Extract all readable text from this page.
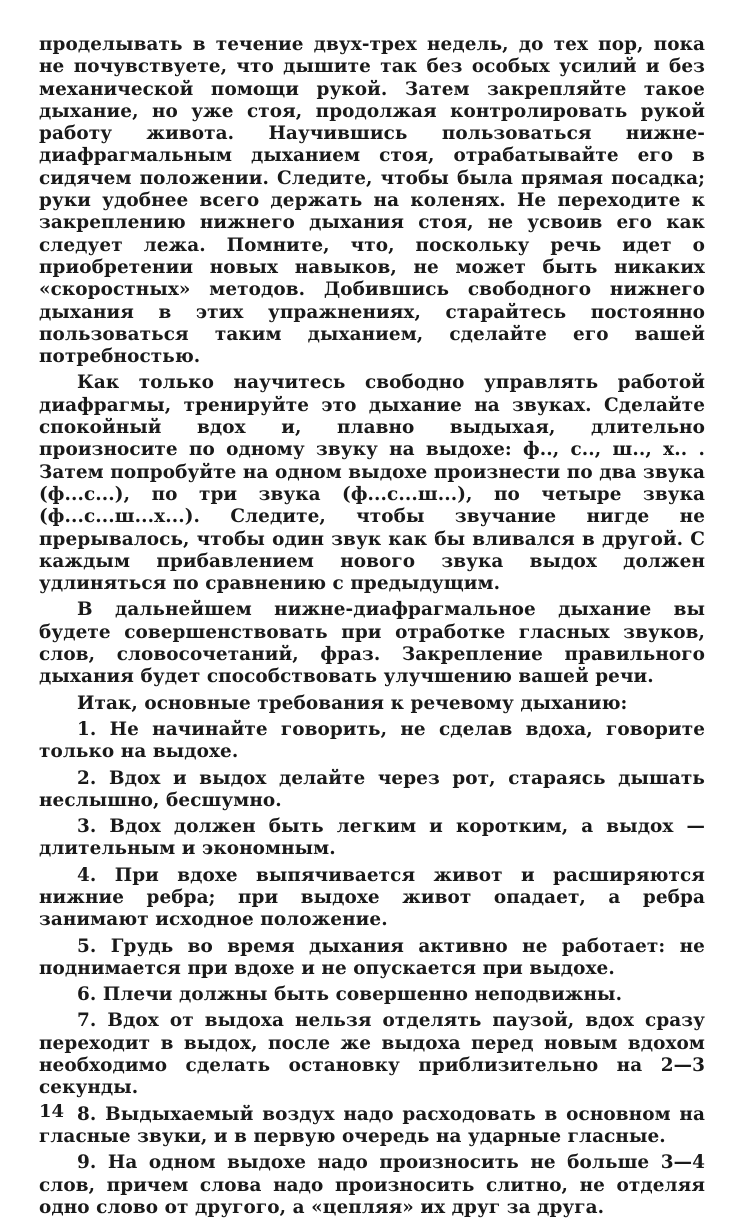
проделывать в течение двух-трех недель, до тех пор, пока не почувствуете, что дышите так без особых усилий и без механической помощи рукой. Затем закрепляйте такое дыхание, но уже стоя, продолжая контролировать рукой работу живота. Научившись пользоваться нижне-диафрагмальным дыханием стоя, отрабатывайте его в сидячем положении. Следите, чтобы была прямая посадка; руки удобнее всего держать на коленях. Не переходите к закреплению нижнего дыхания стоя, не усвоив его как следует лежа. Помните, что, поскольку речь идет о приобретении новых навыков, не может быть никаких «скоростных» методов. Добившись свободного нижнего дыхания в этих упражнениях, старайтесь постоянно пользоваться таким дыханием, сделайте его вашей потребностью.

Как только научитесь свободно управлять работой диафрагмы, тренируйте это дыхание на звуках. Сделайте спокойный вдох и, плавно выдыхая, длительно произносите по одному звуку на выдохе: ф.., с.., ш.., х.. . Затем попробуйте на одном выдохе произнести по два звука (ф...с...), по три звука (ф...с...ш...), по четыре звука (ф...с...ш...х...). Следите, чтобы звучание нигде не прерывалось, чтобы один звук как бы вливался в другой. С каждым прибавлением нового звука выдох должен удлиняться по сравнению с предыдущим.

В дальнейшем нижне-диафрагмальное дыхание вы будете совершенствовать при отработке гласных звуков, слов, словосочетаний, фраз. Закрепление правильного дыхания будет способствовать улучшению вашей речи.

Итак, основные требования к речевому дыханию:

1. Не начинайте говорить, не сделав вдоха, говорите только на выдохе.

2. Вдох и выдох делайте через рот, стараясь дышать неслышно, бесшумно.

3. Вдох должен быть легким и коротким, а выдох — длительным и экономным.

4. При вдохе выпячивается живот и расширяются нижние ребра; при выдохе живот опадает, а ребра занимают исходное положение.

5. Грудь во время дыхания активно не работает: не поднимается при вдохе и не опускается при выдохе.

6. Плечи должны быть совершенно неподвижны.

7. Вдох от выдоха нельзя отделять паузой, вдох сразу переходит в выдох, после же выдоха перед новым вдохом необходимо сделать остановку приблизительно на 2—3 секунды.

8. Выдыхаемый воздух надо расходовать в основном на гласные звуки, и в первую очередь на ударные гласные.

9. На одном выдохе надо произносить не больше 3—4 слов, причем слова надо произносить слитно, не отделяя одно слово от другого, а «цепляя» их друг за друга.

14
